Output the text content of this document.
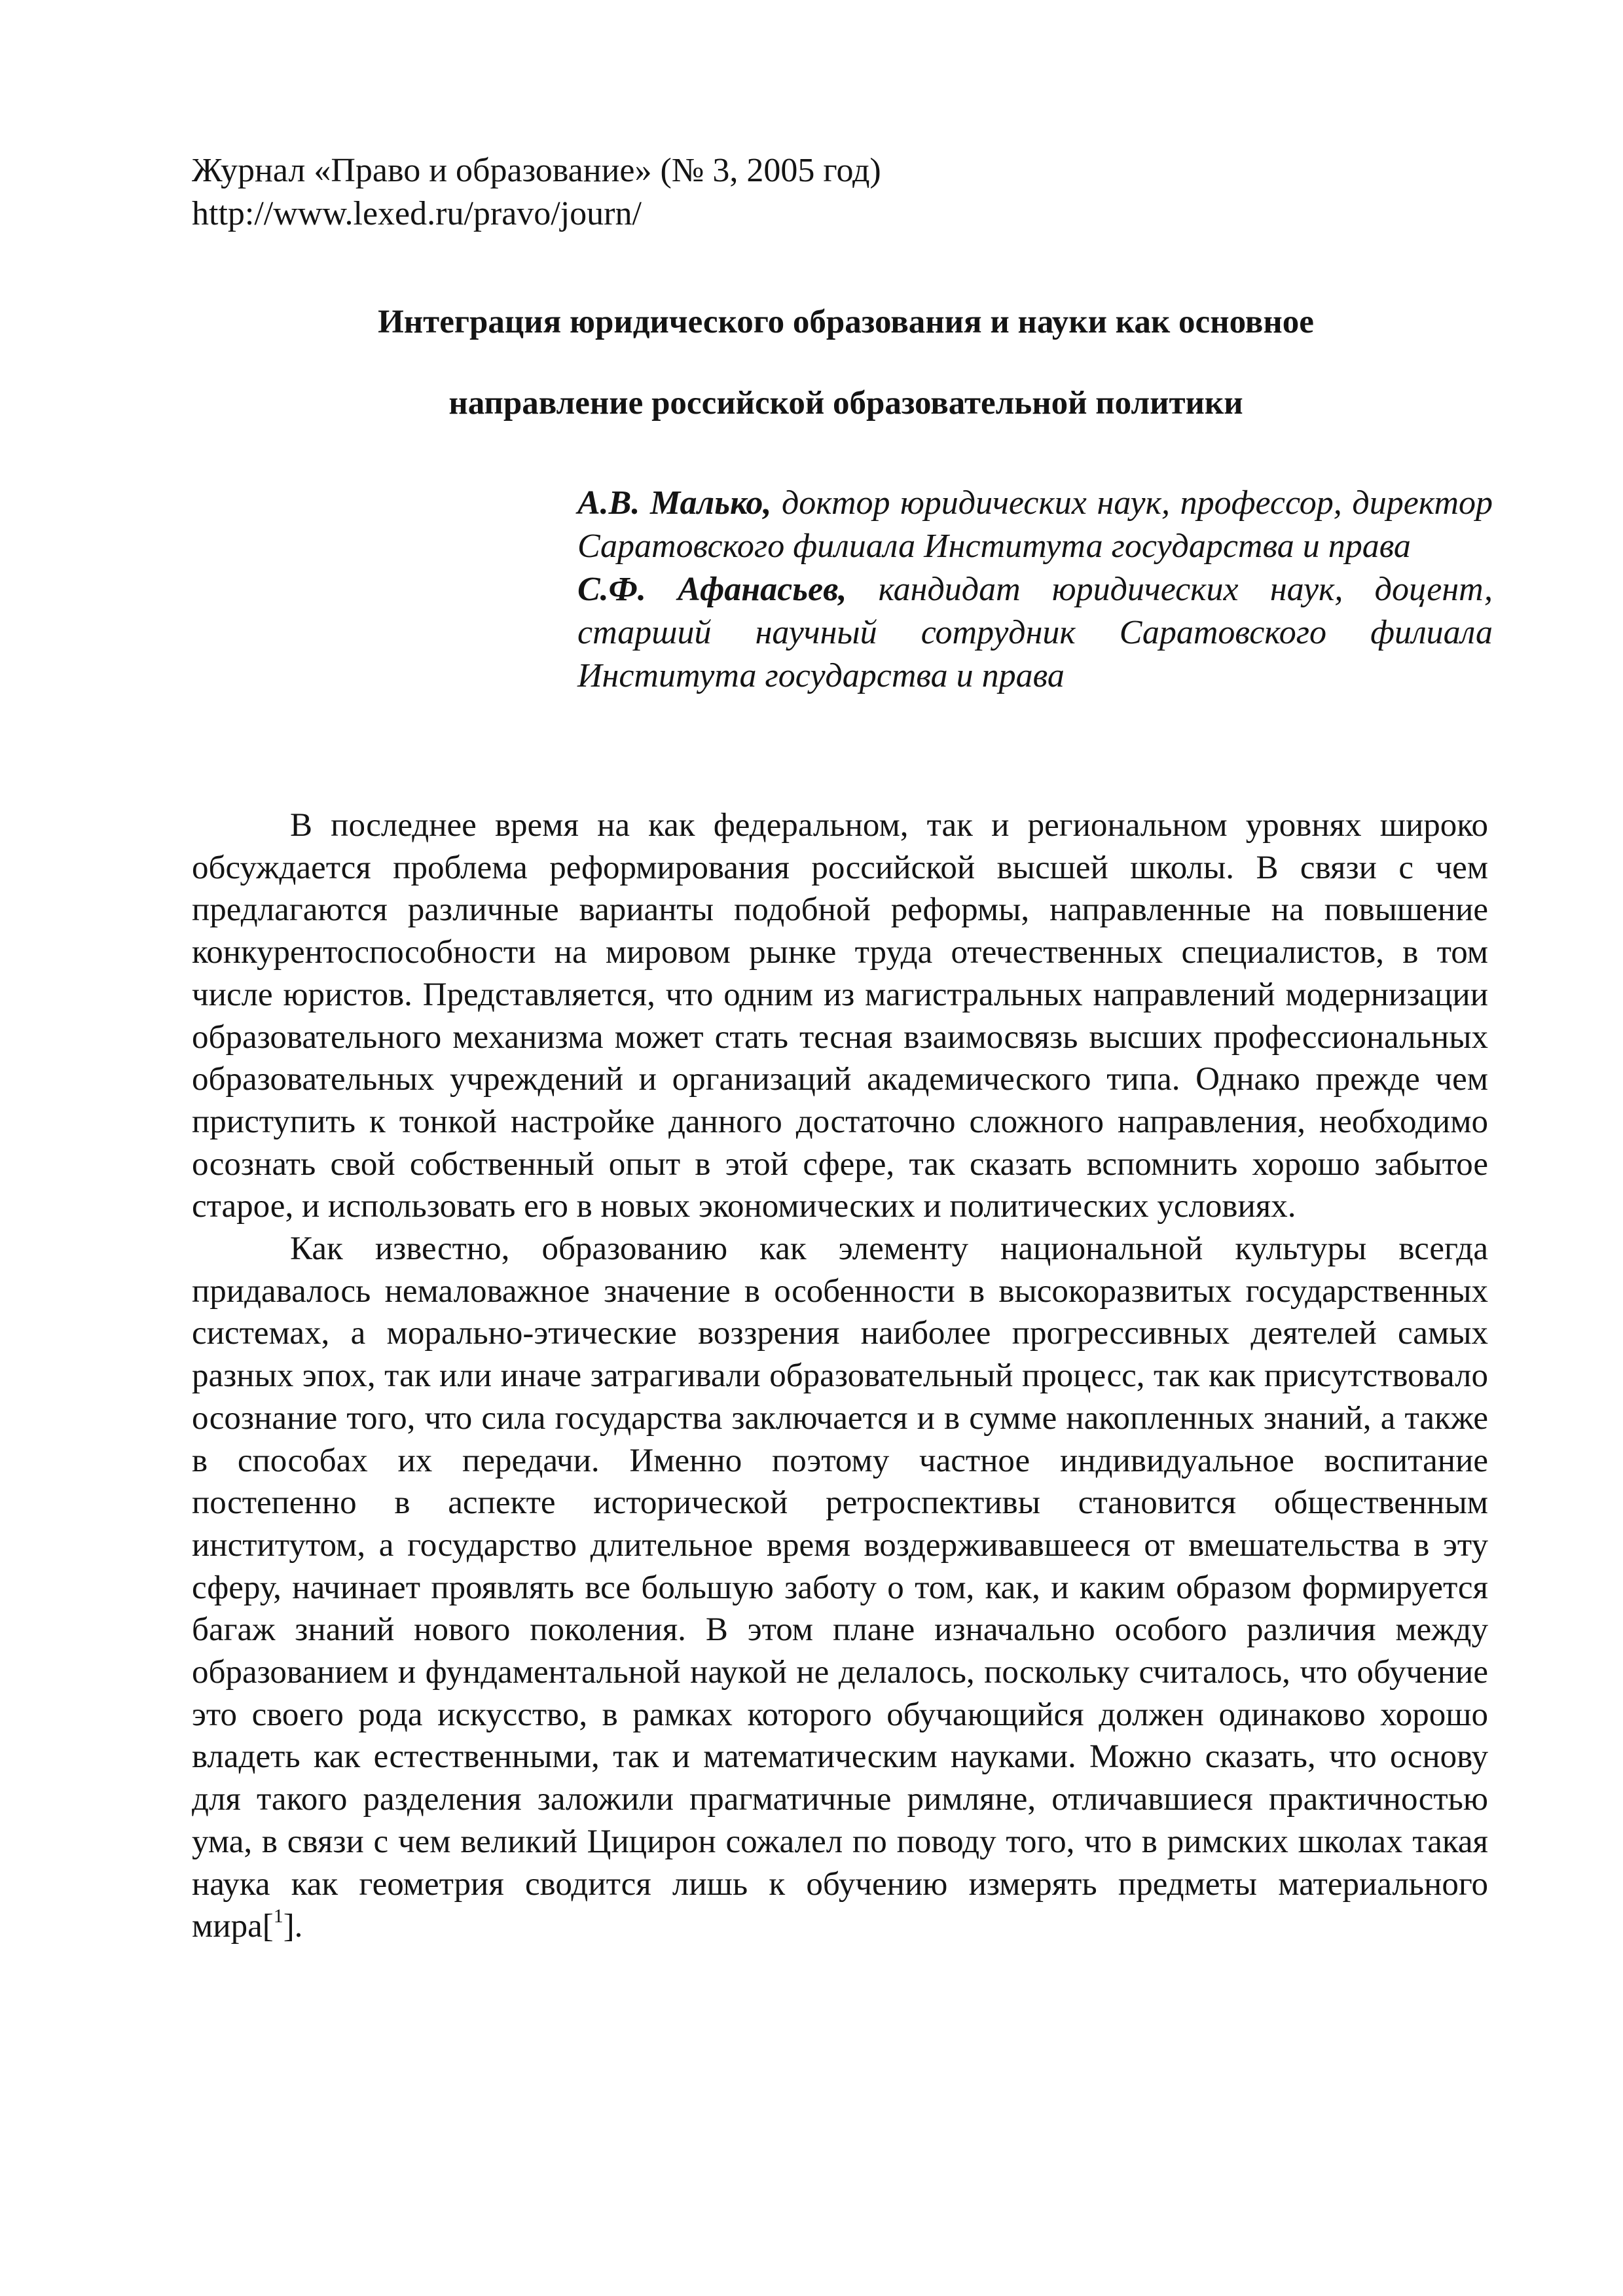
Журнал «Право и образование» (№ 3, 2005 год)
http://www.lexed.ru/pravo/journ/
Интеграция юридического образования и науки как основное
направление российской образовательной политики
А.В. Малько, доктор юридических наук, профессор, директор Саратовского филиала Института государства и права
С.Ф. Афанасьев, кандидат юридических наук, доцент, старший научный сотрудник Саратовского филиала Института государства и права

В последнее время на как федеральном, так и региональном уровнях широко обсуждается проблема реформирования российской высшей школы. В связи с чем предлагаются различные варианты подобной реформы, направленные на повышение конкурентоспособности на мировом рынке труда отечественных специалистов, в том числе юристов. Представляется, что одним из магистральных направлений модернизации образовательного механизма может стать тесная взаимосвязь высших профессиональных образовательных учреждений и организаций академического типа. Однако прежде чем приступить к тонкой настройке данного достаточно сложного направления, необходимо осознать свой собственный опыт в этой сфере, так сказать вспомнить хорошо забытое старое, и использовать его в новых экономических и политических условиях.

Как известно, образованию как элементу национальной культуры всегда придавалось немаловажное значение в особенности в высокоразвитых государственных системах, а морально-этические воззрения наиболее прогрессивных деятелей самых разных эпох, так или иначе затрагивали образовательный процесс, так как присутствовало осознание того, что сила государства заключается и в сумме накопленных знаний, а также в способах их передачи. Именно поэтому частное индивидуальное воспитание постепенно в аспекте исторической ретроспективы становится общественным институтом, а государство длительное время воздерживавшееся от вмешательства в эту сферу, начинает проявлять все большую заботу о том, как, и каким образом формируется багаж знаний нового поколения. В этом плане изначально особого различия между образованием и фундаментальной наукой не делалось, поскольку считалось, что обучение это своего рода искусство, в рамках которого обучающийся должен одинаково хорошо владеть как естественными, так и математическим науками. Можно сказать, что основу для такого разделения заложили прагматичные римляне, отличавшиеся практичностью ума, в связи с чем великий Цицирон сожалел по поводу того, что в римских школах такая наука как геометрия сводится лишь к обучению измерять предметы материального мира[$^1$].
